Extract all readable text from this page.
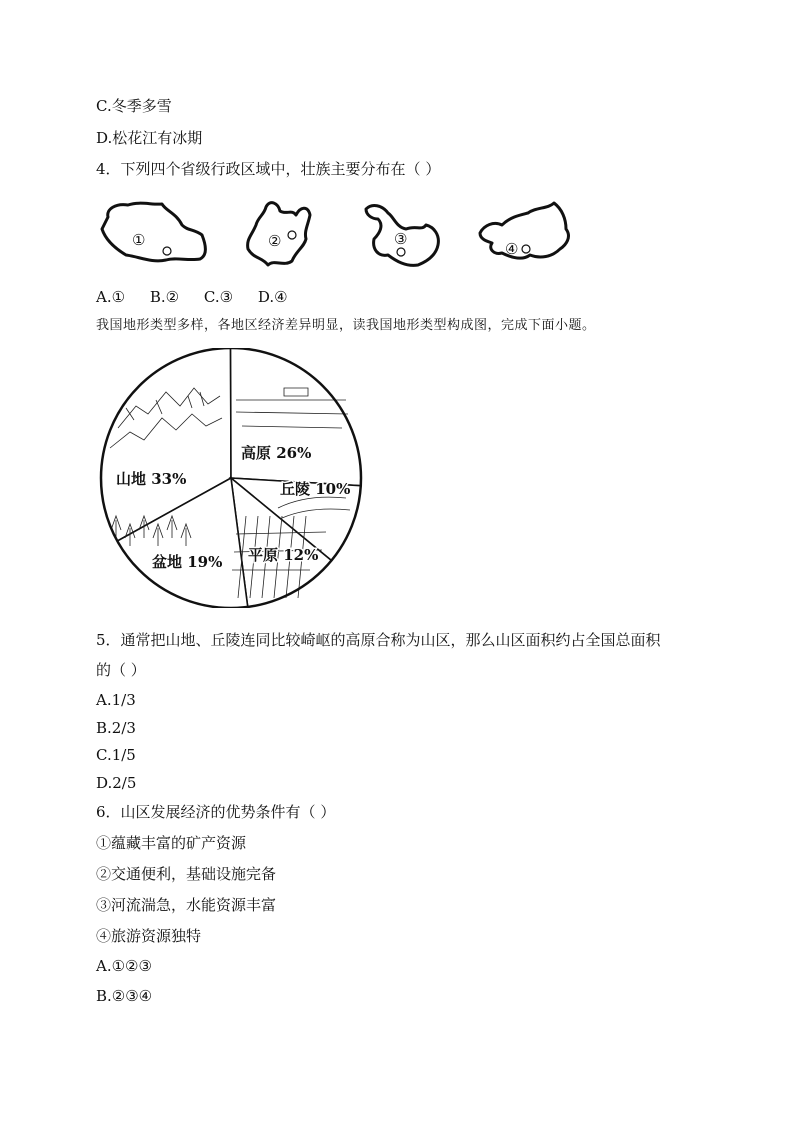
C.冬季多雪
D.松花江有冰期
4．下列四个省级行政区域中，壮族主要分布在（ ）
①	②	③
④
A.① B.② C.③ D.④
我国地形类型多样，各地区经济差异明显，读我国地形类型构成图，完成下面小题。
山地 33%
高原 26%
丘陵 10%
平原 12%
盆地 19%
5．通常把山地、丘陵连同比较崎岖的高原合称为山区，那么山区面积约占全国总面积
的（ ）
A.1/3
B.2/3
C.1/5
D.2/5
6．山区发展经济的优势条件有（ ）
①蕴藏丰富的矿产资源
②交通便利，基础设施完备
③河流湍急，水能资源丰富
④旅游资源独特
A.①②③
B.②③④
